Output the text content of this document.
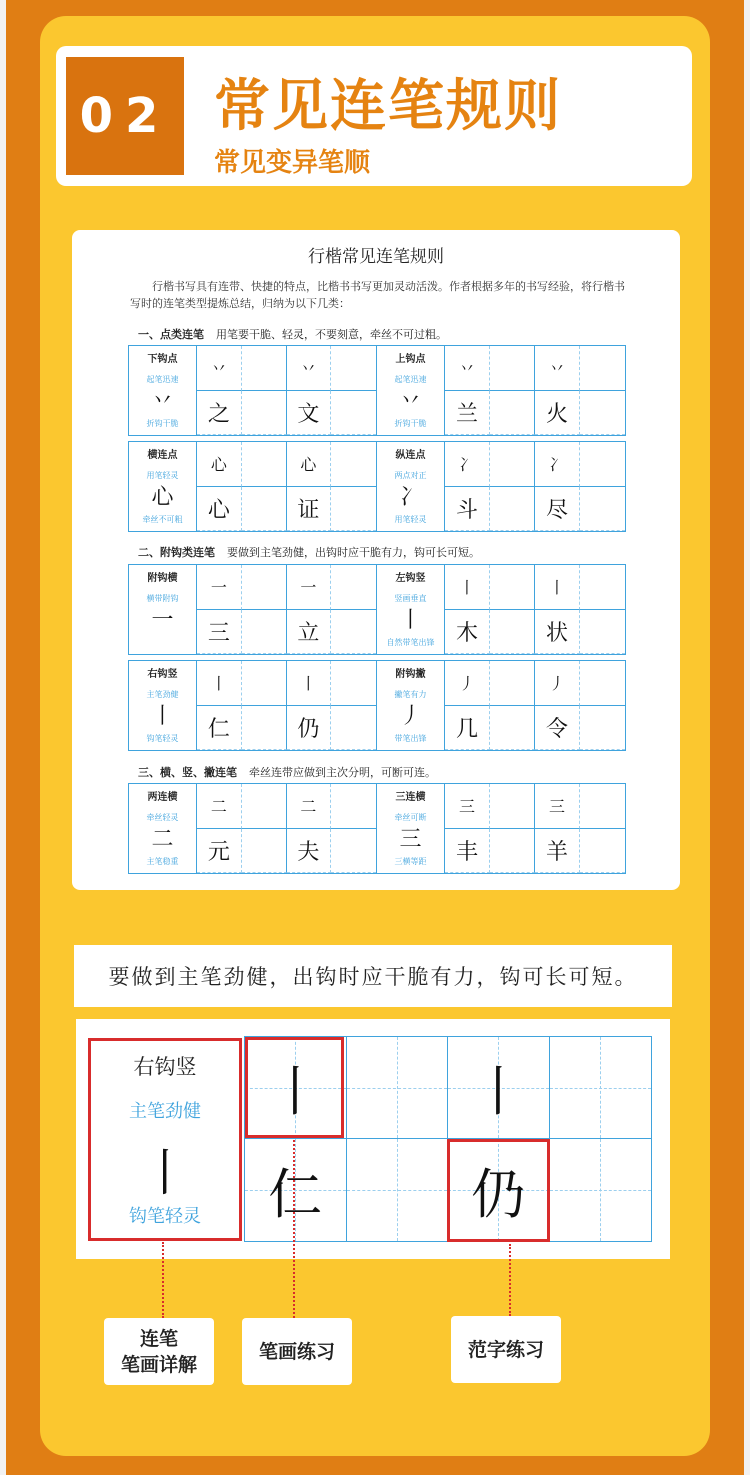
02 常见连笔规则
常见变异笔顺
行楷常见连笔规则
行楷书写具有连带、快捷的特点，比楷书书写更加灵动活泼。作者根据多年的书写经验，将行楷书写时的连笔类型提炼总结，归纳为以下几类：
一、点类连笔 用笔要干脆、轻灵，不要刻意，牵丝不可过粗。
二、附钩类连笔 要做到主笔劲健，出钩时应干脆有力，钩可长可短。
三、横、竖、撇连笔 牵丝连带应做到主次分明，可断可连。
下钩点
起笔迅速
丷
折钩干脆
丷	丷
之	文
上钩点
起笔迅速
丷
折钩干脆
丷	丷
兰	火
横连点
用笔轻灵
心
牵丝不可粗
心	心
心	证
纵连点
两点对正
冫
用笔轻灵
冫	冫
斗	尽
附钩横
横带附钩
一
一	一
三	立
左钩竖
竖画垂直
丨
自然带笔出锋
丨	丨
木	状
右钩竖
主笔劲健
丨
钩笔轻灵
丨	丨
仁	仍
附钩撇
撇笔有力
丿
带笔出锋
丿	丿
几	令
两连横
牵丝轻灵
二
主笔稳重
二	二
元	夫
三连横
牵丝可断
三
三横等距
三	三
丰	羊
要做到主笔劲健，出钩时应干脆有力，钩可长可短。
丨	丨
仁	仍
右钩竖
主笔劲健
丨
钩笔轻灵
连笔
笔画详解
笔画练习	范字练习
